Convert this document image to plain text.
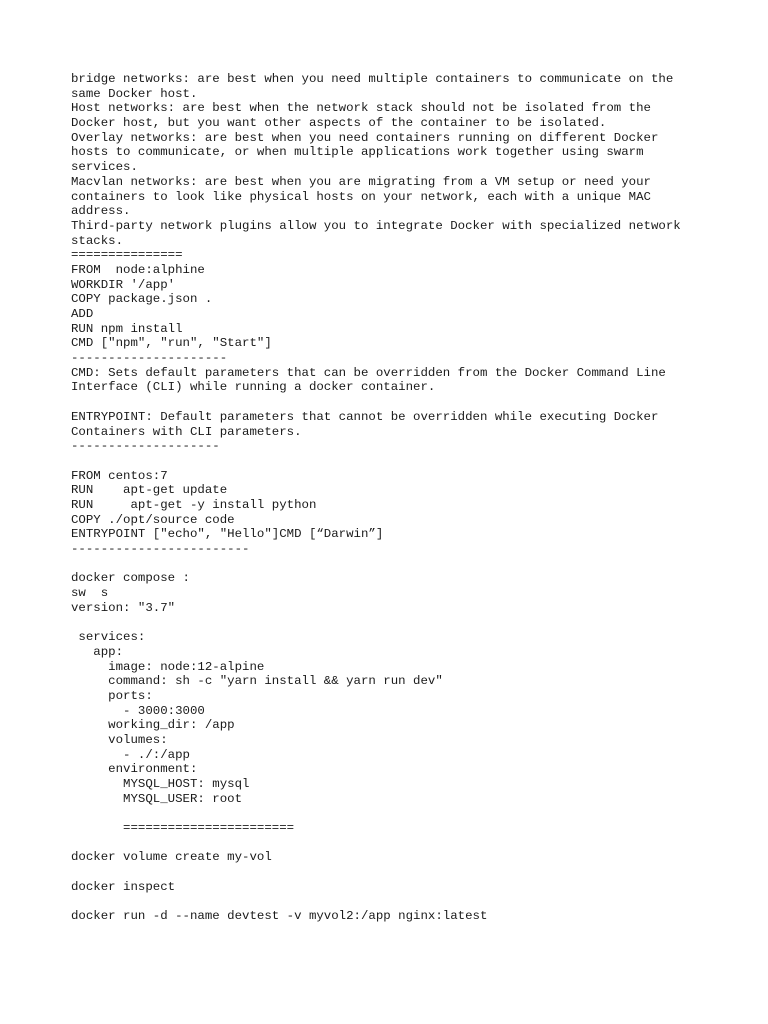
bridge networks: are best when you need multiple containers to communicate on the
same Docker host.
Host networks: are best when the network stack should not be isolated from the
Docker host, but you want other aspects of the container to be isolated.
Overlay networks: are best when you need containers running on different Docker
hosts to communicate, or when multiple applications work together using swarm
services.
Macvlan networks: are best when you are migrating from a VM setup or need your
containers to look like physical hosts on your network, each with a unique MAC
address.
Third-party network plugins allow you to integrate Docker with specialized network
stacks.
===============
FROM  node:alphine
WORKDIR '/app'
COPY package.json .
ADD
RUN npm install
CMD ["npm", "run", "Start"]
---------------------
CMD: Sets default parameters that can be overridden from the Docker Command Line
Interface (CLI) while running a docker container.
ENTRYPOINT: Default parameters that cannot be overridden while executing Docker
Containers with CLI parameters.
--------------------
FROM centos:7
RUN    apt-get update
RUN     apt-get -y install python
COPY ./opt/source code
ENTRYPOINT ["echo", "Hello"]CMD [“Darwin”]
------------------------
docker compose :
sw  s
version: "3.7"
services:
app:
image: node:12-alpine
command: sh -c "yarn install && yarn run dev"
ports:
- 3000:3000
working_dir: /app
volumes:
- ./:/app
environment:
MYSQL_HOST: mysql
MYSQL_USER: root
=======================
docker volume create my-vol
docker inspect
docker run -d --name devtest -v myvol2:/app nginx:latest
